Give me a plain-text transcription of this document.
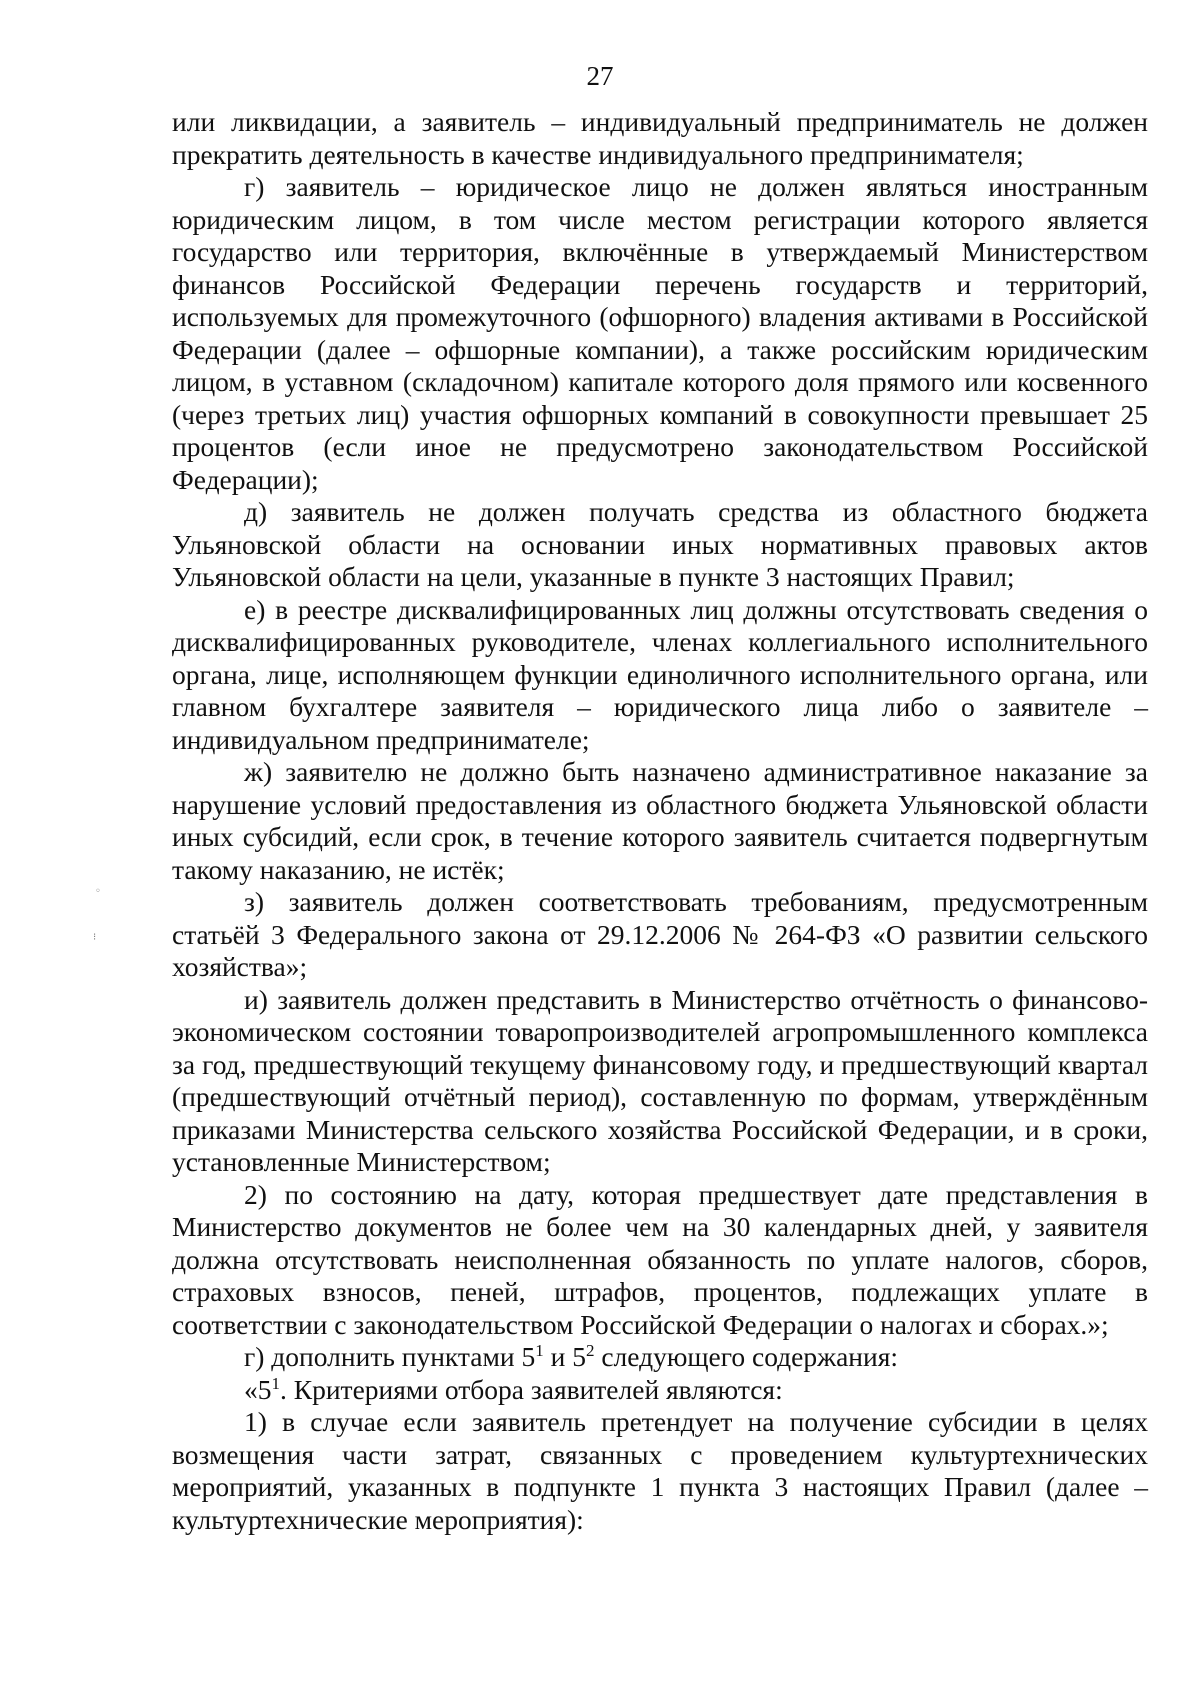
27

или ликвидации, а заявитель – индивидуальный предприниматель не должен прекратить деятельность в качестве индивидуального предпринимателя;

г) заявитель – юридическое лицо не должен являться иностранным юридическим лицом, в том числе местом регистрации которого является государство или территория, включённые в утверждаемый Министерством финансов Российской Федерации перечень государств и территорий, используемых для промежуточного (офшорного) владения активами в Российской Федерации (далее – офшорные компании), а также российским юридическим лицом, в уставном (складочном) капитале которого доля прямого или косвенного (через третьих лиц) участия офшорных компаний в совокупности превышает 25 процентов (если иное не предусмотрено законодательством Российской Федерации);

д) заявитель не должен получать средства из областного бюджета Ульяновской области на основании иных нормативных правовых актов Ульяновской области на цели, указанные в пункте 3 настоящих Правил;

е) в реестре дисквалифицированных лиц должны отсутствовать сведения о дисквалифицированных руководителе, членах коллегиального исполнительного органа, лице, исполняющем функции единоличного исполнительного органа, или главном бухгалтере заявителя – юридического лица либо о заявителе – индивидуальном предпринимателе;

ж) заявителю не должно быть назначено административное наказание за нарушение условий предоставления из областного бюджета Ульяновской области иных субсидий, если срок, в течение которого заявитель считается подвергнутым такому наказанию, не истёк;

з) заявитель должен соответствовать требованиям, предусмотренным статьёй 3 Федерального закона от 29.12.2006 № 264-ФЗ «О развитии сельского хозяйства»;

и) заявитель должен представить в Министерство отчётность о финансово-экономическом состоянии товаропроизводителей агропромышленного комплекса за год, предшествующий текущему финансовому году, и предшествующий квартал (предшествующий отчётный период), составленную по формам, утверждённым приказами Министерства сельского хозяйства Российской Федерации, и в сроки, установленные Министерством;

2) по состоянию на дату, которая предшествует дате представления в Министерство документов не более чем на 30 календарных дней, у заявителя должна отсутствовать неисполненная обязанность по уплате налогов, сборов, страховых взносов, пеней, штрафов, процентов, подлежащих уплате в соответствии с законодательством Российской Федерации о налогах и сборах.»;

г) дополнить пунктами $5^1$ и $5^2$ следующего содержания:

«$5^1$. Критериями отбора заявителей являются:

1) в случае если заявитель претендует на получение субсидии в целях возмещения части затрат, связанных с проведением культуртехнических мероприятий, указанных в подпункте 1 пункта 3 настоящих Правил (далее – культуртехнические мероприятия):

◦
⁝
